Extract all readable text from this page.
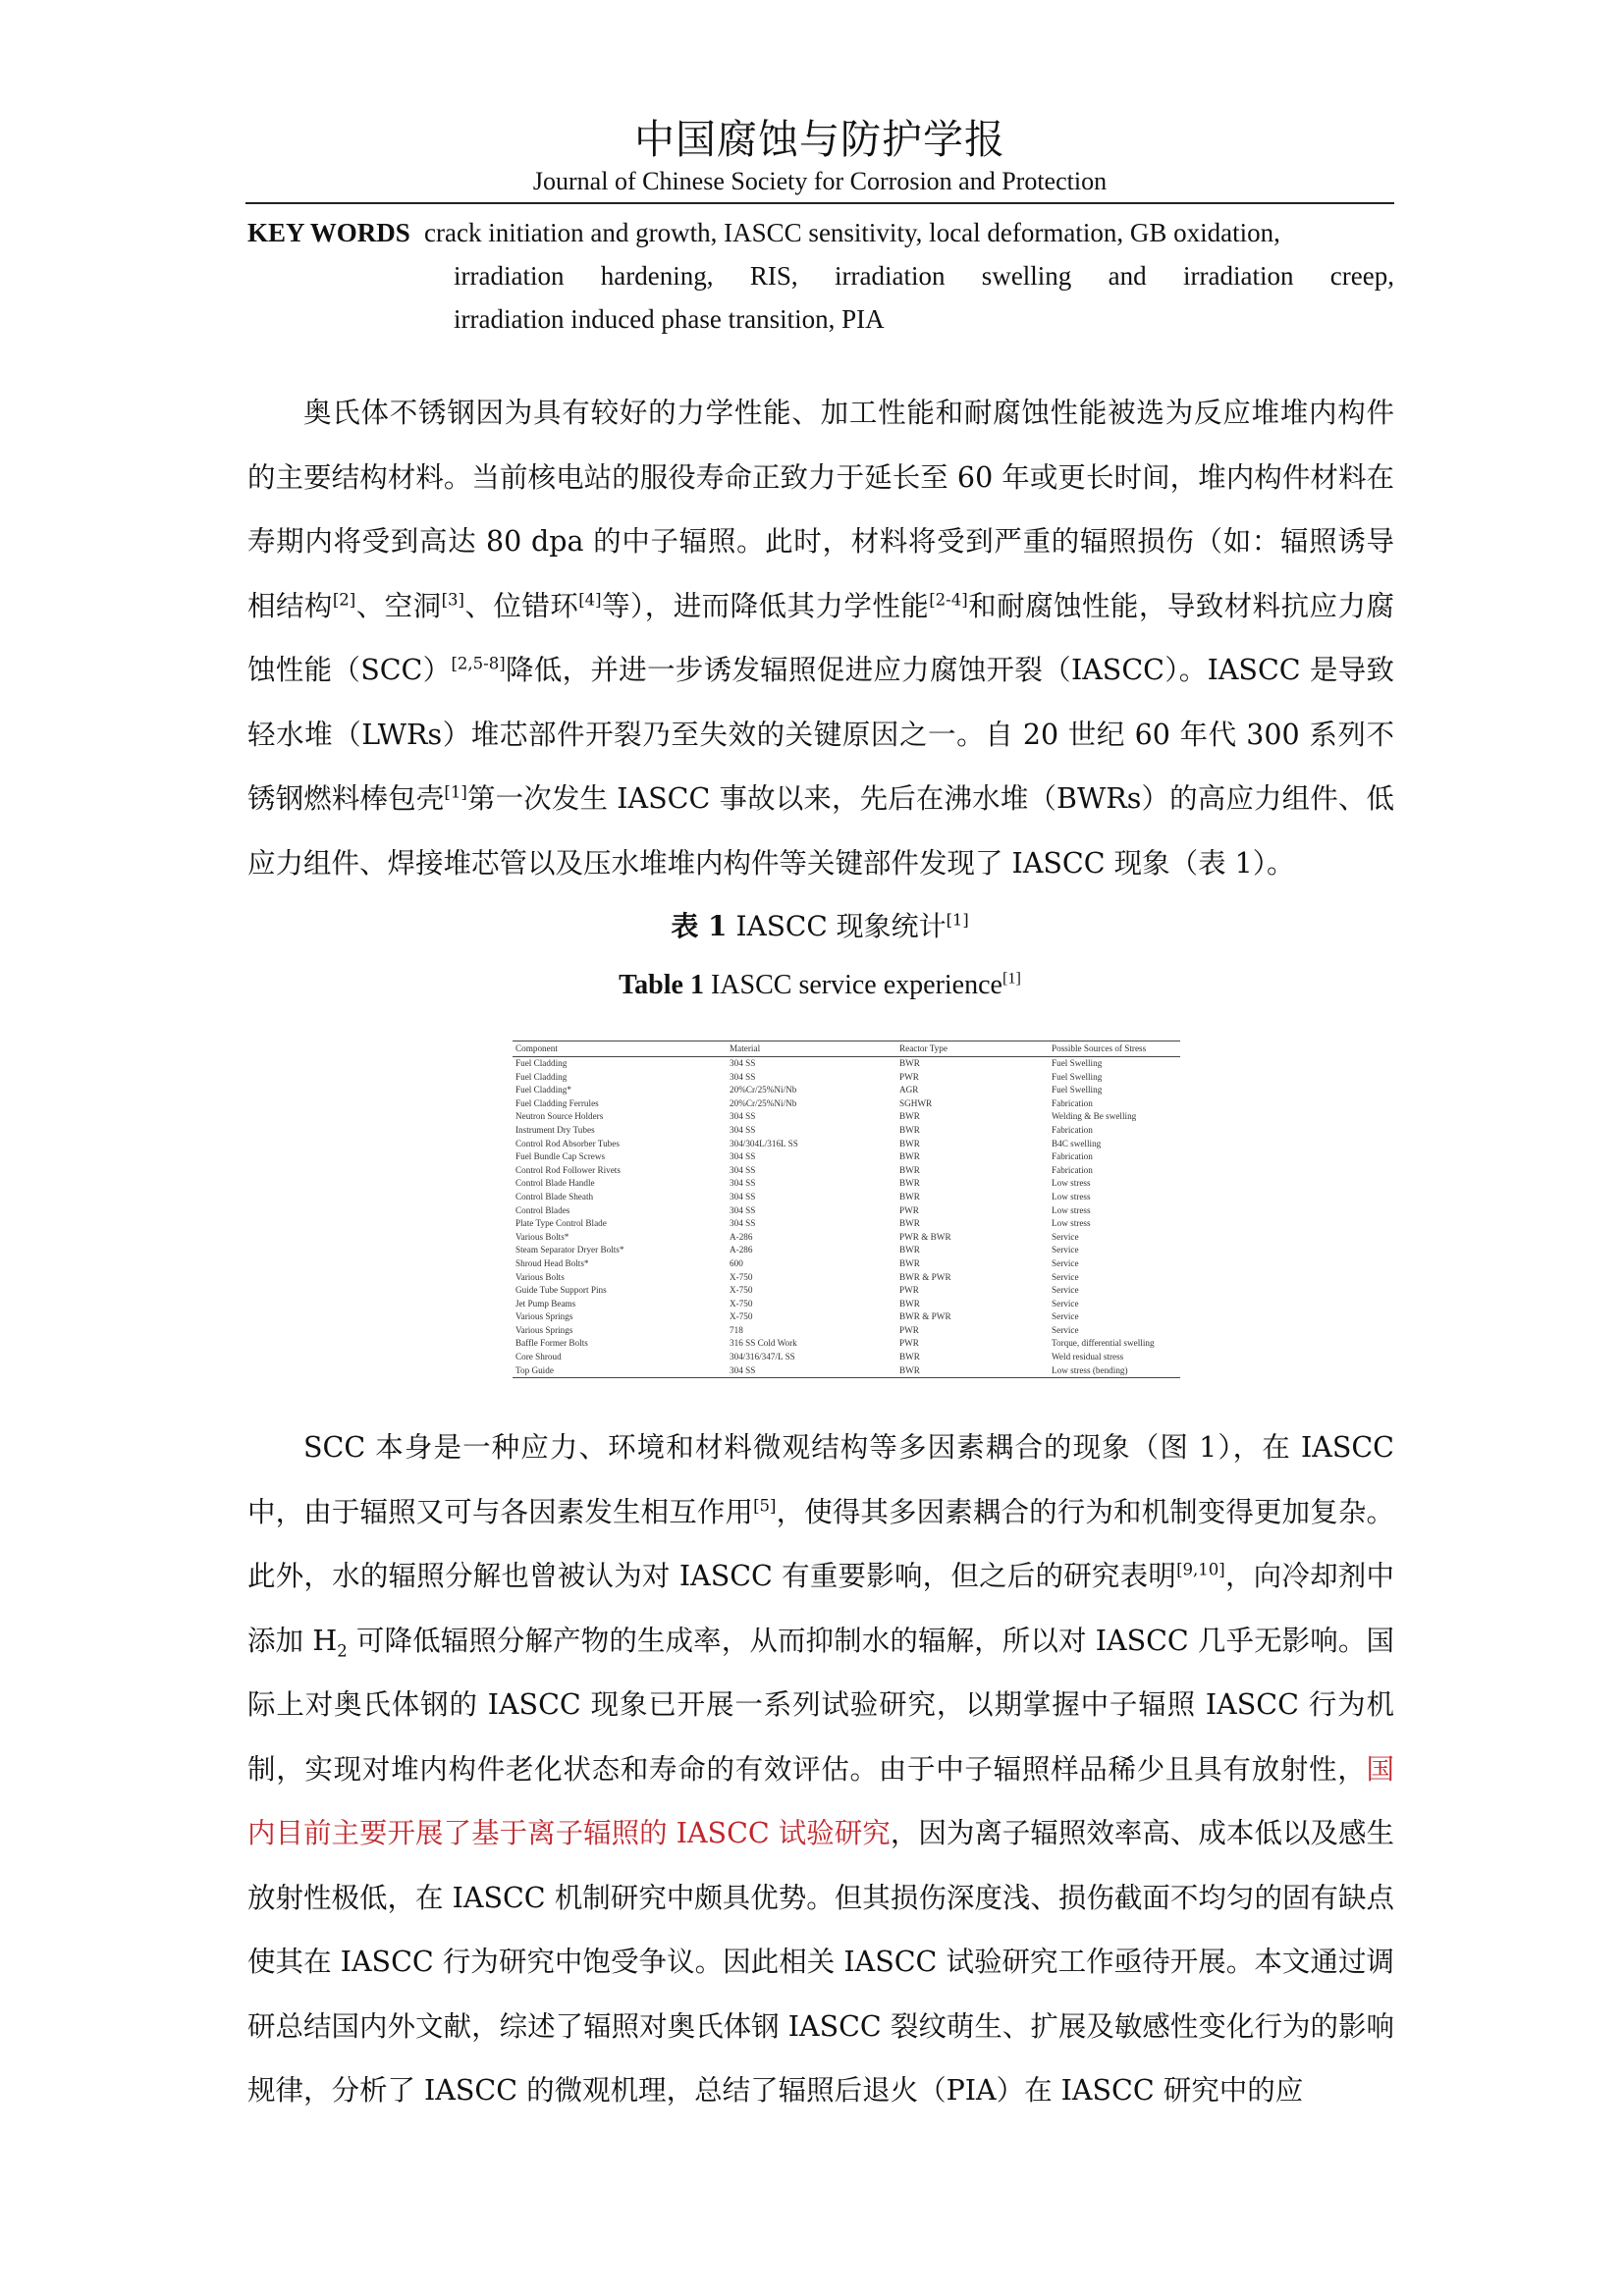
中国腐蚀与防护学报
Journal of Chinese Society for Corrosion and Protection
KEY WORDS crack initiation and growth, IASCC sensitivity, local deformation, GB oxidation,
irradiation hardening, RIS, irradiation swelling and irradiation creep,
irradiation induced phase transition, PIA

奥氏体不锈钢因为具有较好的力学性能、加工性能和耐腐蚀性能被选为反应堆堆内构件的主要结构材料。当前核电站的服役寿命正致力于延长至 60 年或更长时间，堆内构件材料在寿期内将受到高达 80 dpa 的中子辐照。此时，材料将受到严重的辐照损伤（如：辐照诱导相结构[2]、空洞[3]、位错环[4]等），进而降低其力学性能[2-4]和耐腐蚀性能，导致材料抗应力腐蚀性能（SCC）[2,5-8]降低，并进一步诱发辐照促进应力腐蚀开裂（IASCC）。IASCC 是导致轻水堆（LWRs）堆芯部件开裂乃至失效的关键原因之一。自 20 世纪 60 年代 300 系列不锈钢燃料棒包壳[1]第一次发生 IASCC 事故以来，先后在沸水堆（BWRs）的高应力组件、低应力组件、焊接堆芯管以及压水堆堆内构件等关键部件发现了 IASCC 现象（表 1）。

表 1 IASCC 现象统计[1]
Table 1 IASCC service experience[1]
Component	Material	Reactor Type	Possible Sources of Stress
Fuel Cladding	304 SS	BWR	Fuel Swelling
Fuel Cladding	304 SS	PWR	Fuel Swelling
Fuel Cladding*	20%Cr/25%Ni/Nb	AGR	Fuel Swelling
Fuel Cladding Ferrules	20%Cr/25%Ni/Nb	SGHWR	Fabrication
Neutron Source Holders	304 SS	BWR	Welding & Be swelling
Instrument Dry Tubes	304 SS	BWR	Fabrication
Control Rod Absorber Tubes	304/304L/316L SS	BWR	B4C swelling
Fuel Bundle Cap Screws	304 SS	BWR	Fabrication
Control Rod Follower Rivets	304 SS	BWR	Fabrication
Control Blade Handle	304 SS	BWR	Low stress
Control Blade Sheath	304 SS	BWR	Low stress
Control Blades	304 SS	PWR	Low stress
Plate Type Control Blade	304 SS	BWR	Low stress
Various Bolts*	A-286	PWR & BWR	Service
Steam Separator Dryer Bolts*	A-286	BWR	Service
Shroud Head Bolts*	600	BWR	Service
Various Bolts	X-750	BWR & PWR	Service
Guide Tube Support Pins	X-750	PWR	Service
Jet Pump Beams	X-750	BWR	Service
Various Springs	X-750	BWR & PWR	Service
Various Springs	718	PWR	Service
Baffle Former Bolts	316 SS Cold Work	PWR	Torque, differential swelling
Core Shroud	304/316/347/L SS	BWR	Weld residual stress
Top Guide	304 SS	BWR	Low stress (bending)

SCC 本身是一种应力、环境和材料微观结构等多因素耦合的现象（图 1），在 IASCC 中，由于辐照又可与各因素发生相互作用[5]，使得其多因素耦合的行为和机制变得更加复杂。此外，水的辐照分解也曾被认为对 IASCC 有重要影响，但之后的研究表明[9,10]，向冷却剂中添加 $H_2$ 可降低辐照分解产物的生成率，从而抑制水的辐解，所以对 IASCC 几乎无影响。国际上对奥氏体钢的 IASCC 现象已开展一系列试验研究，以期掌握中子辐照 IASCC 行为机制，实现对堆内构件老化状态和寿命的有效评估。由于中子辐照样品稀少且具有放射性，国内目前主要开展了基于离子辐照的 IASCC 试验研究，因为离子辐照效率高、成本低以及感生放射性极低，在 IASCC 机制研究中颇具优势。但其损伤深度浅、损伤截面不均匀的固有缺点使其在 IASCC 行为研究中饱受争议。因此相关 IASCC 试验研究工作亟待开展。本文通过调研总结国内外文献，综述了辐照对奥氏体钢 IASCC 裂纹萌生、扩展及敏感性变化行为的影响规律，分析了 IASCC 的微观机理，总结了辐照后退火（PIA）在 IASCC 研究中的应
